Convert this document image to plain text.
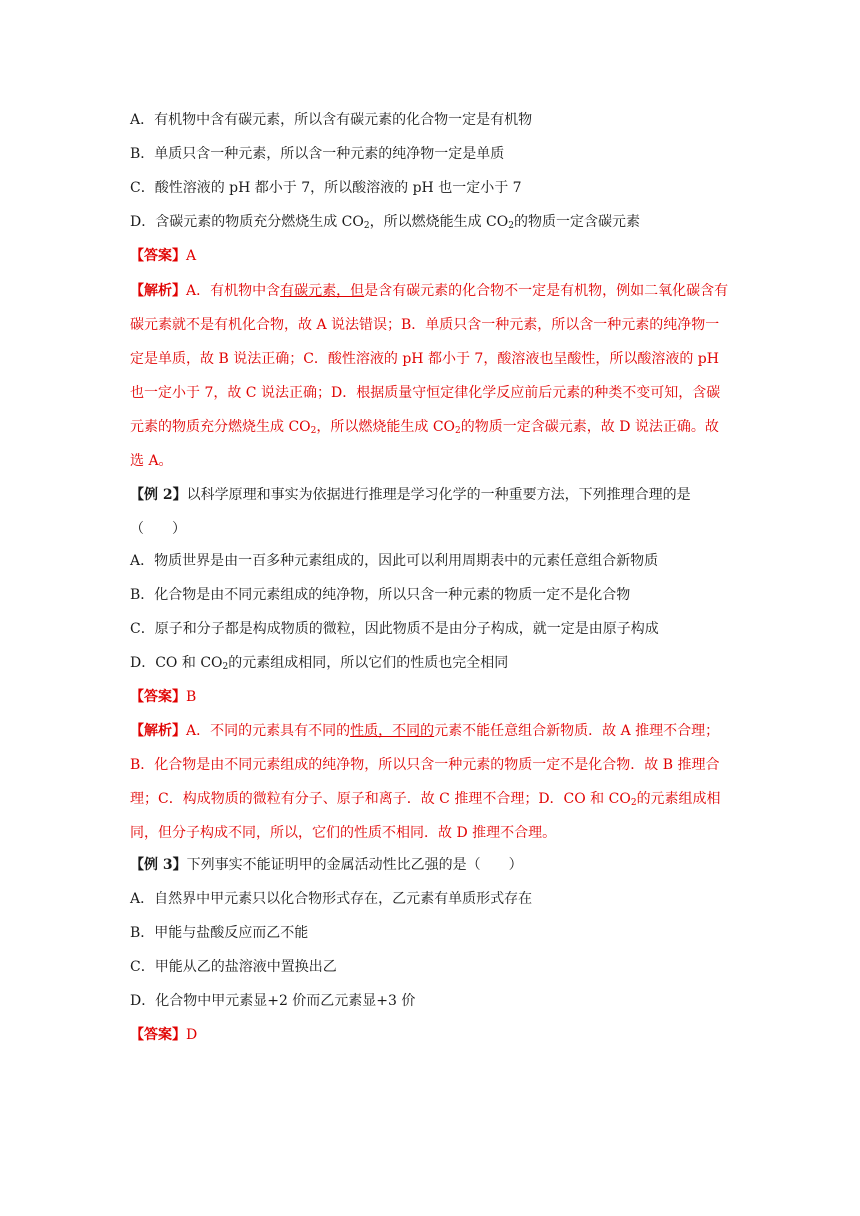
A．有机物中含有碳元素，所以含有碳元素的化合物一定是有机物
B．单质只含一种元素，所以含一种元素的纯净物一定是单质
C．酸性溶液的 pH 都小于 7，所以酸溶液的 pH 也一定小于 7
D．含碳元素的物质充分燃烧生成 $CO_2$，所以燃烧能生成 $CO_2$的物质一定含碳元素
【答案】A
【解析】A．有机物中含有碳元素，但是含有碳元素的化合物不一定是有机物，例如二氧化碳含有碳元素就不是有机化合物，故 A 说法错误；B．单质只含一种元素，所以含一种元素的纯净物一定是单质，故 B 说法正确；C．酸性溶液的 pH 都小于 7，酸溶液也呈酸性，所以酸溶液的 pH 也一定小于 7，故 C 说法正确；D．根据质量守恒定律化学反应前后元素的种类不变可知，含碳元素的物质充分燃烧生成 $CO_2$，所以燃烧能生成 $CO_2$的物质一定含碳元素，故 D 说法正确。故选 A。
【例 2】以科学原理和事实为依据进行推理是学习化学的一种重要方法，下列推理合理的是（　　）
A．物质世界是由一百多种元素组成的，因此可以利用周期表中的元素任意组合新物质
B．化合物是由不同元素组成的纯净物，所以只含一种元素的物质一定不是化合物
C．原子和分子都是构成物质的微粒，因此物质不是由分子构成，就一定是由原子构成
D．CO 和 $CO_2$的元素组成相同，所以它们的性质也完全相同
【答案】B
【解析】A．不同的元素具有不同的性质，不同的元素不能任意组合新物质．故 A 推理不合理；B．化合物是由不同元素组成的纯净物，所以只含一种元素的物质一定不是化合物．故 B 推理合理；C．构成物质的微粒有分子、原子和离子．故 C 推理不合理；D．CO 和 $CO_2$的元素组成相同，但分子构成不同，所以，它们的性质不相同．故 D 推理不合理。
【例 3】下列事实不能证明甲的金属活动性比乙强的是（　　）
A．自然界中甲元素只以化合物形式存在，乙元素有单质形式存在
B．甲能与盐酸反应而乙不能
C．甲能从乙的盐溶液中置换出乙
D．化合物中甲元素显+2 价而乙元素显+3 价
【答案】D
